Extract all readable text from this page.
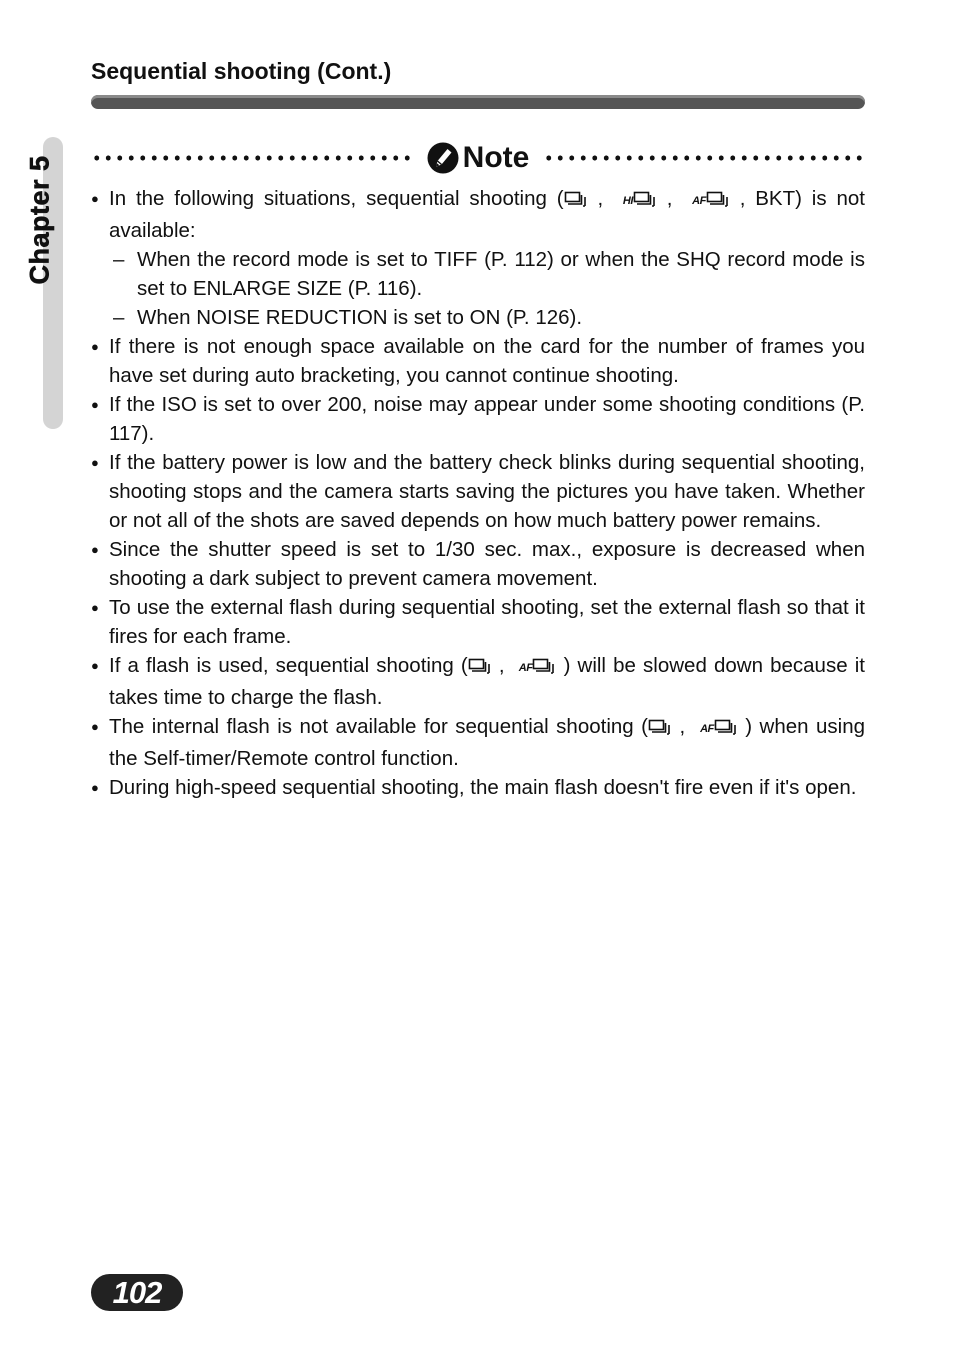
Sequential shooting (Cont.)
Chapter 5	Note
● In the following situations, sequential shooting ( , HI , AF , BKT) is not available:
– When the record mode is set to TIFF (P. 112) or when the SHQ record mode is set to ENLARGE SIZE (P. 116).
– When NOISE REDUCTION is set to ON (P. 126).
● If there is not enough space available on the card for the number of frames you have set during auto bracketing, you cannot continue shooting.
● If the ISO is set to over 200, noise may appear under some shooting conditions (P. 117).
● If the battery power is low and the battery check blinks during sequential shooting, shooting stops and the camera starts saving the pictures you have taken. Whether or not all of the shots are saved depends on how much battery power remains.
● Since the shutter speed is set to 1/30 sec. max., exposure is decreased when shooting a dark subject to prevent camera movement.
● To use the external flash during sequential shooting, set the external flash so that it fires for each frame.
● If a flash is used, sequential shooting ( , AF ) will be slowed down because it takes time to charge the flash.
● The internal flash is not available for sequential shooting ( , AF ) when using the Self-timer/Remote control function.
● During high-speed sequential shooting, the main flash doesn't fire even if it's open.
102
